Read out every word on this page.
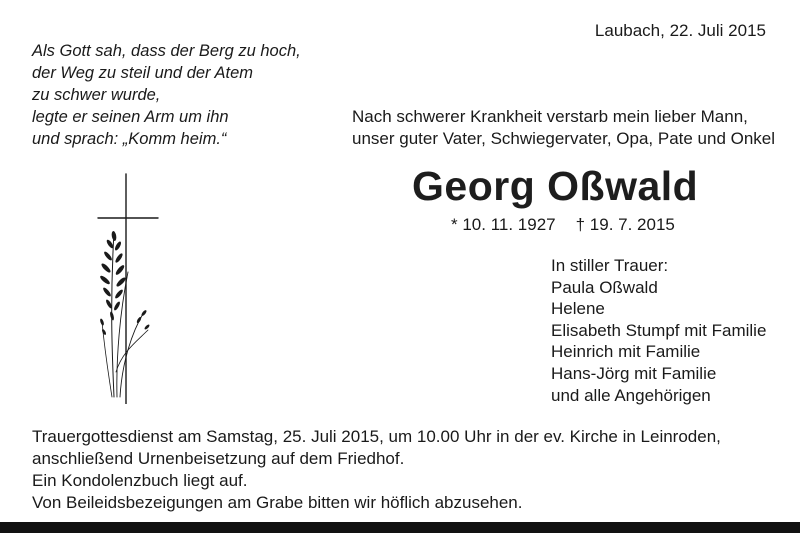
Laubach, 22. Juli 2015
Als Gott sah, dass der Berg zu hoch,
der Weg zu steil und der Atem
zu schwer wurde,
legte er seinen Arm um ihn
und sprach: „Komm heim.“
Nach schwerer Krankheit verstarb mein lieber Mann,
unser guter Vater, Schwiegervater, Opa, Pate und Onkel
Georg Oßwald
* 10. 11. 1927 † 19. 7. 2015
In stiller Trauer:
Paula Oßwald
Helene
Elisabeth Stumpf mit Familie
Heinrich mit Familie
Hans-Jörg mit Familie
und alle Angehörigen
Trauergottesdienst am Samstag, 25. Juli 2015, um 10.00 Uhr in der ev. Kirche in Leinroden,
anschließend Urnenbeisetzung auf dem Friedhof.
Ein Kondolenzbuch liegt auf.
Von Beileidsbezeigungen am Grabe bitten wir höflich abzusehen.
